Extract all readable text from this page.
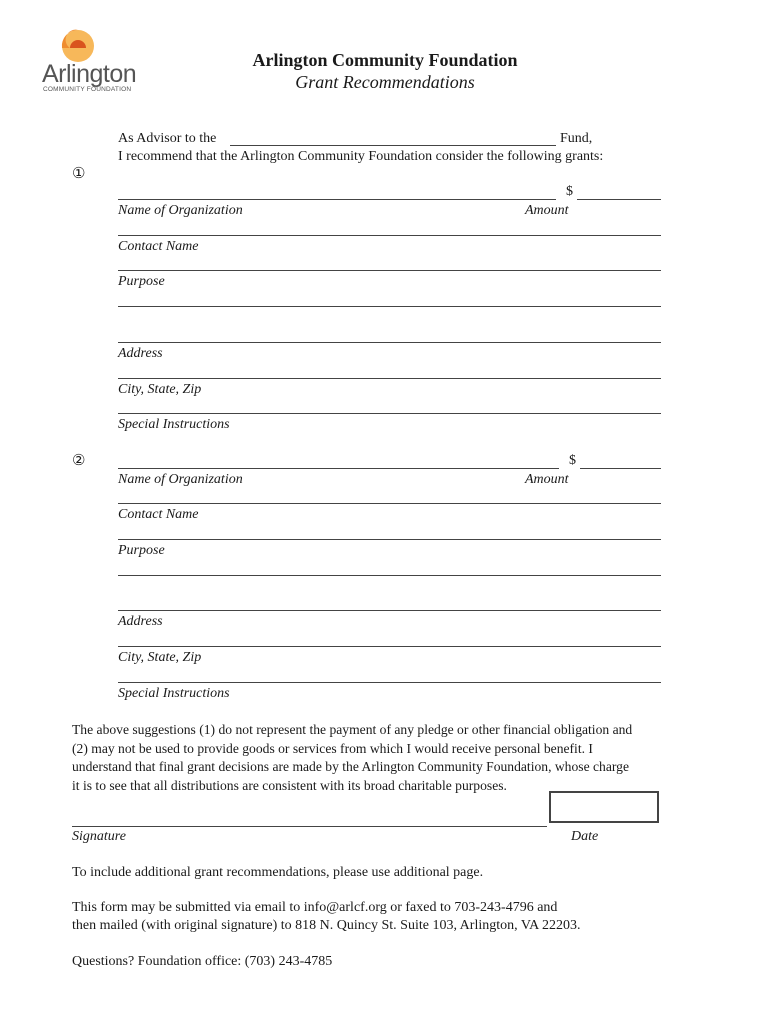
Arlington
COMMUNITY FOUNDATION
Arlington Community Foundation
Grant Recommendations
As Advisor to the	Fund,
I recommend that the Arlington Community Foundation consider the following grants:
①
$
Name of Organization	Amount
Contact Name
Purpose
Address
City, State, Zip
Special Instructions
②	$
Name of Organization	Amount
Contact Name
Purpose
Address
City, State, Zip
Special Instructions
The above suggestions (1) do not represent the payment of any pledge or other financial obligation and
(2) may not be used to provide goods or services from which I would receive personal benefit. I
understand that final grant decisions are made by the Arlington Community Foundation, whose charge
it is to see that all distributions are consistent with its broad charitable purposes.
Signature	Date
To include additional grant recommendations, please use additional page.
This form may be submitted via email to info@arlcf.org or faxed to 703-243-4796 and
then mailed (with original signature) to 818 N. Quincy St. Suite 103, Arlington, VA 22203.
Questions? Foundation office: (703) 243-4785
